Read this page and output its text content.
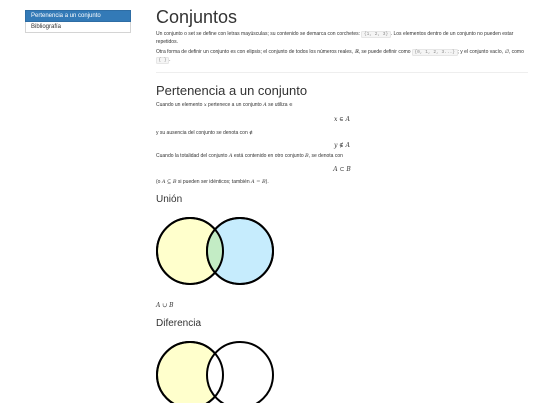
Pertenencia a un conjunto
Bibliografía	Conjuntos

Un conjunto o set se define con letras mayúsculas; su contenido se demarca con corchetes: {1, 2, 3} . Los elementos dentro de un conjunto no pueden estar repetidos.

Otra forma de definir un conjunto es con elipsis; el conjunto de todos los números reales, ℝ, se puede definir como {0, 1, 2, 3...} ; y el conjunto vacío, ∅, como { } .

Pertenencia a un conjunto

Cuando un elemento x pertenece a un conjunto A se utiliza ∈

x ∈ A

y su ausencia del conjunto se denota con ∉

y ∉ A

Cuando la totalidad del conjunto A está contenido en otro conjunto B, se denota con

A ⊂ B

(o A ⊆ B si pueden ser idénticos; también A = B).

Unión

A ∪ B

Diferencia
